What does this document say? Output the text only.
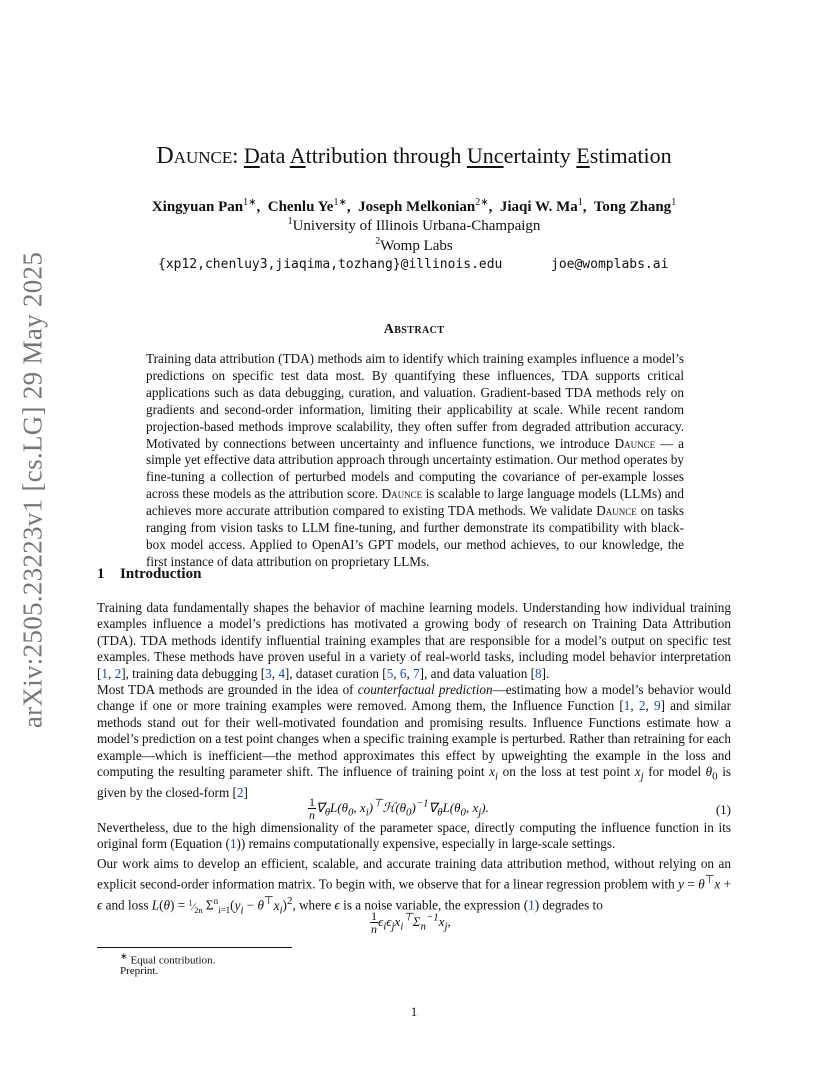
arXiv:2505.23223v1 [cs.LG] 29 May 2025
Daunce: Data Attribution through Uncertainty Estimation
Xingyuan Pan$^{1∗}$,  Chenlu $Ye^{1∗}$,  Joseph Melkonian$^{2∗}$,  Jiaqi W. Ma$^1$,  Tong Zhang$^1$
$^1$University of Illinois Urbana-Champaign
$^2$Womp Labs
{xp12,chenluy3,jiaqima,tozhang}@illinois.edu	joe@womplabs.ai
Abstract
Training data attribution (TDA) methods aim to identify which training examples influence a model’s predictions on specific test data most. By quantifying these influences, TDA supports critical applications such as data debugging, curation, and valuation. Gradient-based TDA methods rely on gradients and second-order information, limiting their applicability at scale. While recent random projection-based methods improve scalability, they often suffer from degraded attribution accuracy. Motivated by connections between uncertainty and influence functions, we introduce Daunce — a simple yet effective data attribution approach through uncertainty estimation. Our method operates by fine-tuning a collection of perturbed models and computing the covariance of per-example losses across these models as the attribution score. Daunce is scalable to large language models (LLMs) and achieves more accurate attribution compared to existing TDA methods. We validate Daunce on tasks ranging from vision tasks to LLM fine-tuning, and further demonstrate its compatibility with black-box model access. Applied to OpenAI’s GPT models, our method achieves, to our knowledge, the first instance of data attribution on proprietary LLMs.
1 Introduction
Training data fundamentally shapes the behavior of machine learning models. Understanding how individual training examples influence a model’s predictions has motivated a growing body of research on Training Data Attribution (TDA). TDA methods identify influential training examples that are responsible for a model’s output on specific test examples. These methods have proven useful in a variety of real-world tasks, including model behavior interpretation [1, 2], training data debugging [3, 4], dataset curation [5, 6, 7], and data valuation [8].
Most TDA methods are grounded in the idea of counterfactual prediction—estimating how a model’s behavior would change if one or more training examples were removed. Among them, the Influence Function [1, 2, 9] and similar methods stand out for their well-motivated foundation and promising results. Influence Functions estimate how a model’s prediction on a test point changes when a specific training example is perturbed. Rather than retraining for each example—which is inefficient—the method approximates this effect by upweighting the example in the loss and computing the resulting parameter shift. The influence of training point $x_i$ on the loss at test point $x_j$ for model $\theta_0$ is given by the closed-form [2]
$\frac{1}{n} \nabla_\theta L(\theta_0$, $x_i)^⊤ℋ(\theta_0)^{-1}\nabla_\theta L(\theta_0$, $x_j$).	(1)
Nevertheless, due to the high dimensionality of the parameter space, directly computing the influence function in its original form (Equation (1)) remains computationally expensive, especially in large-scale settings.
Our work aims to develop an efficient, scalable, and accurate training data attribution method, without relying on an explicit second-order information matrix. To begin with, we observe that for a linear regression problem with y = θ⊤x + ϵ and loss $L(\theta) = ^1⁄_{2n}$ $\Sigma^n_{i=1}(y_i - \theta^⊤x_i)^2$, where ϵ is a noise variable, the expression (1) degrades to
$\frac{1}{n} \epsilon_i\epsilon_jx_i^⊤\Sigma_n^{-1}x_j$,
∗ Equal contribution.
Preprint.
1
